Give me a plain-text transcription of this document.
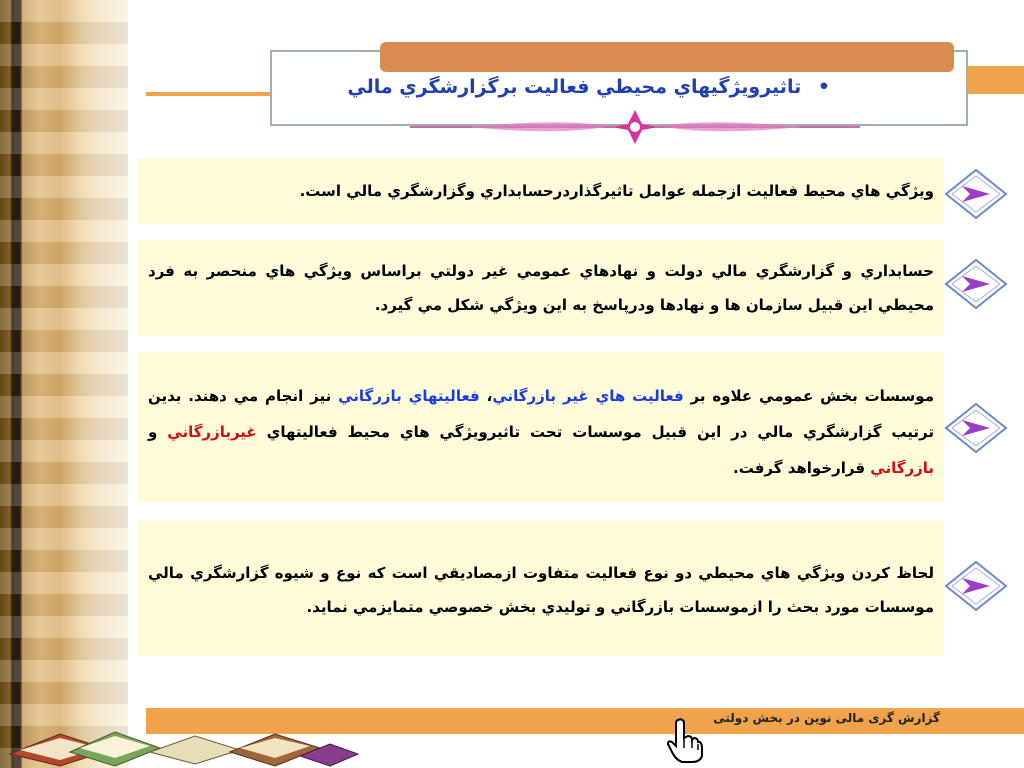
• تاثيرويژگيهاي محيطي فعاليت برگزارشگري مالي
ويژگي هاي محيط فعاليت ازجمله عوامل تاثيرگذاردرحسابداري وگزارشگري مالي است.
حسابداري و گزارشگري مالي دولت و نهادهاي عمومي غير دولتي براساس ويژگي هاي منحصر به فرد محيطي اين قبيل سازمان ها و نهادها ودرپاسخ به اين ويژگي شکل مي گيرد.
موسسات بخش عمومي علاوه بر فعاليت هاي غير بازرگاني، فعاليتهاي بازرگاني نيز انجام مي دهند. بدين ترتيب گزارشگري مالي در اين قبيل موسسات تحت تاثيرويژگي هاي محيط فعاليتهاي غيربازرگاني و بازرگاني قرارخواهد گرفت.
لحاظ كردن ويژگي هاي محيطي دو نوع فعاليت متفاوت ازمصاديقي است كه نوع و شيوه گزارشگري مالي موسسات مورد بحث را ازموسسات بازرگاني و توليدي بخش خصوصي متمايزمي نمايد.
گزارش گری مالی نوین در بخش دولتی
